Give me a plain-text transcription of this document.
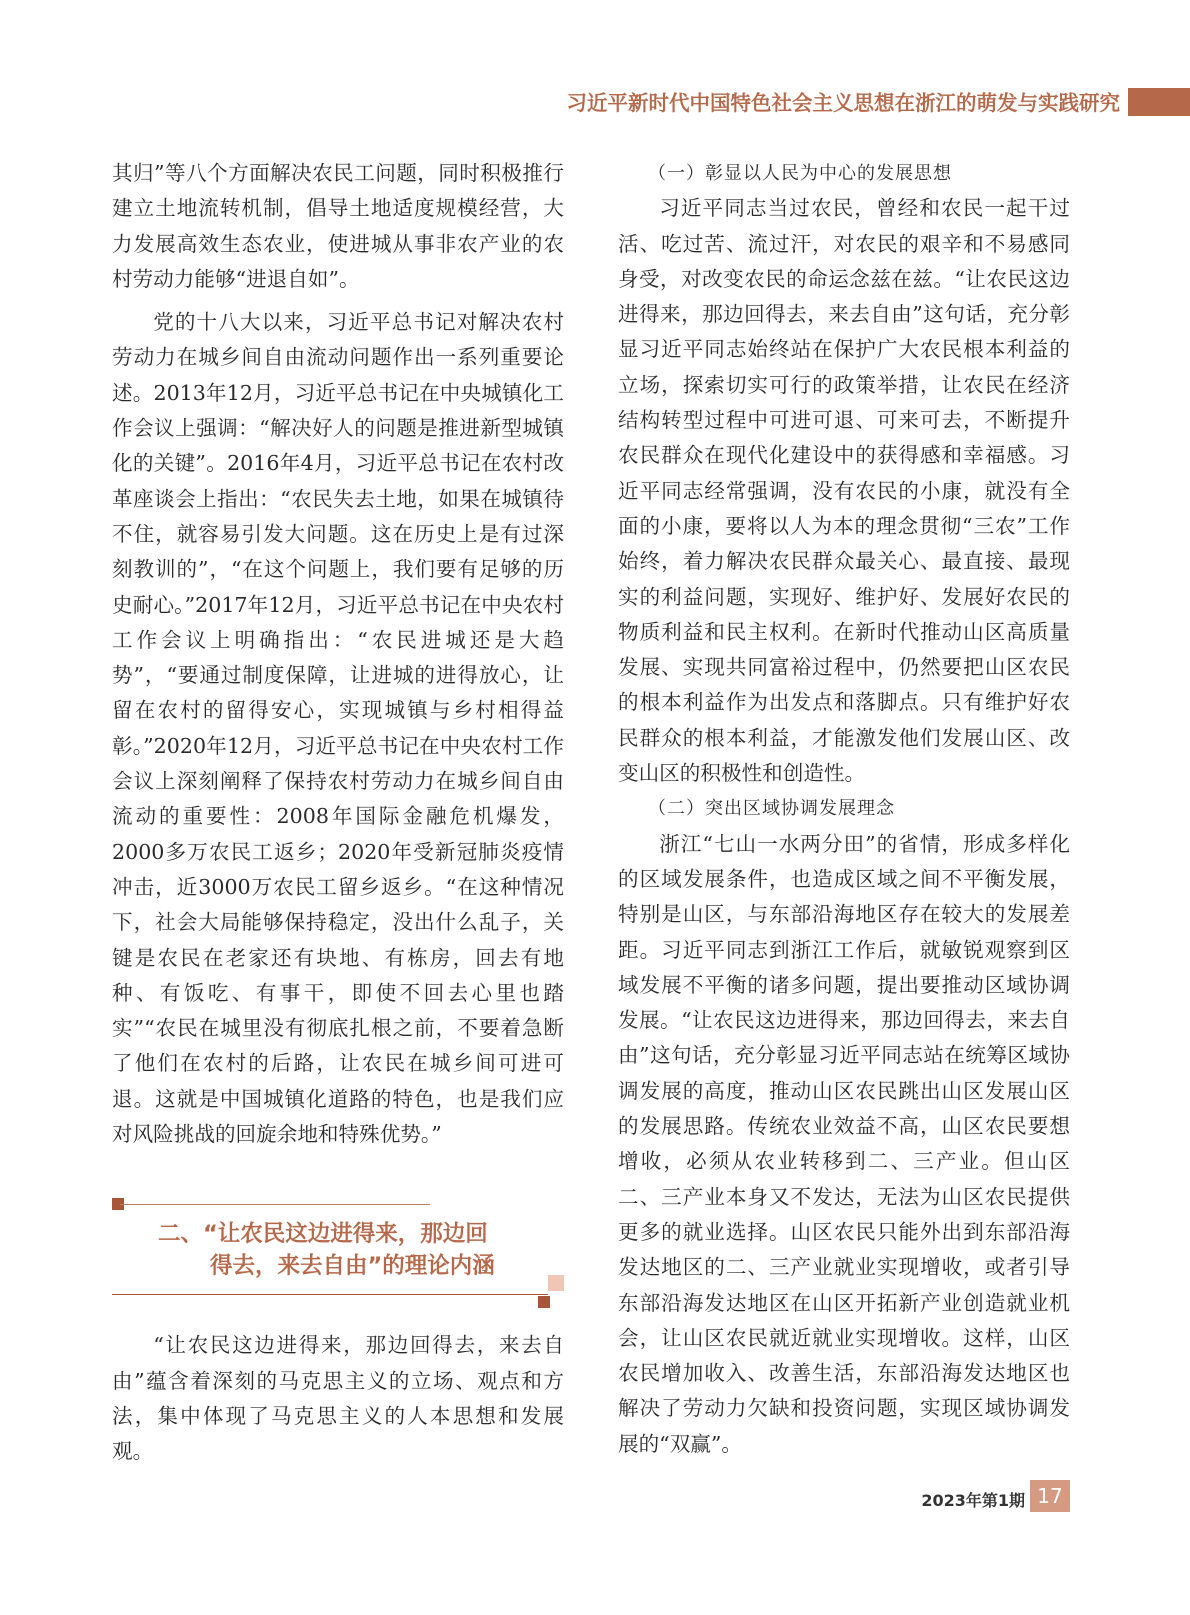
习近平新时代中国特色社会主义思想在浙江的萌发与实践研究

其归”等八个方面解决农民工问题，同时积极推行建立土地流转机制，倡导土地适度规模经营，大力发展高效生态农业，使进城从事非农产业的农村劳动力能够“进退自如”。

党的十八大以来，习近平总书记对解决农村劳动力在城乡间自由流动问题作出一系列重要论述。2013年12月，习近平总书记在中央城镇化工作会议上强调：“解决好人的问题是推进新型城镇化的关键”。2016年4月，习近平总书记在农村改革座谈会上指出：“农民失去土地，如果在城镇待不住，就容易引发大问题。这在历史上是有过深刻教训的”，“在这个问题上，我们要有足够的历史耐心。”2017年12月，习近平总书记在中央农村工作会议上明确指出：“农民进城还是大趋势”，“要通过制度保障，让进城的进得放心，让留在农村的留得安心，实现城镇与乡村相得益彰。”2020年12月，习近平总书记在中央农村工作会议上深刻阐释了保持农村劳动力在城乡间自由流动的重要性：2008年国际金融危机爆发，2000多万农民工返乡；2020年受新冠肺炎疫情冲击，近3000万农民工留乡返乡。“在这种情况下，社会大局能够保持稳定，没出什么乱子，关键是农民在老家还有块地、有栋房，回去有地种、有饭吃、有事干，即使不回去心里也踏实”“农民在城里没有彻底扎根之前，不要着急断了他们在农村的后路，让农民在城乡间可进可退。这就是中国城镇化道路的特色，也是我们应对风险挑战的回旋余地和特殊优势。”

二、“让农民这边进得来，那边回
得去，来去自由”的理论内涵

“让农民这边进得来，那边回得去，来去自由”蕴含着深刻的马克思主义的立场、观点和方法，集中体现了马克思主义的人本思想和发展观。

（一）彰显以人民为中心的发展思想

习近平同志当过农民，曾经和农民一起干过活、吃过苦、流过汗，对农民的艰辛和不易感同身受，对改变农民的命运念兹在兹。“让农民这边进得来，那边回得去，来去自由”这句话，充分彰显习近平同志始终站在保护广大农民根本利益的立场，探索切实可行的政策举措，让农民在经济结构转型过程中可进可退、可来可去，不断提升农民群众在现代化建设中的获得感和幸福感。习近平同志经常强调，没有农民的小康，就没有全面的小康，要将以人为本的理念贯彻“三农”工作始终，着力解决农民群众最关心、最直接、最现实的利益问题，实现好、维护好、发展好农民的物质利益和民主权利。在新时代推动山区高质量发展、实现共同富裕过程中，仍然要把山区农民的根本利益作为出发点和落脚点。只有维护好农民群众的根本利益，才能激发他们发展山区、改变山区的积极性和创造性。

（二）突出区域协调发展理念

浙江“七山一水两分田”的省情，形成多样化的区域发展条件，也造成区域之间不平衡发展，特别是山区，与东部沿海地区存在较大的发展差距。习近平同志到浙江工作后，就敏锐观察到区域发展不平衡的诸多问题，提出要推动区域协调发展。“让农民这边进得来，那边回得去，来去自由”这句话，充分彰显习近平同志站在统筹区域协调发展的高度，推动山区农民跳出山区发展山区的发展思路。传统农业效益不高，山区农民要想增收，必须从农业转移到二、三产业。但山区二、三产业本身又不发达，无法为山区农民提供更多的就业选择。山区农民只能外出到东部沿海发达地区的二、三产业就业实现增收，或者引导东部沿海发达地区在山区开拓新产业创造就业机会，让山区农民就近就业实现增收。这样，山区农民增加收入、改善生活，东部沿海发达地区也解决了劳动力欠缺和投资问题，实现区域协调发展的“双赢”。

2023年第1期 17
